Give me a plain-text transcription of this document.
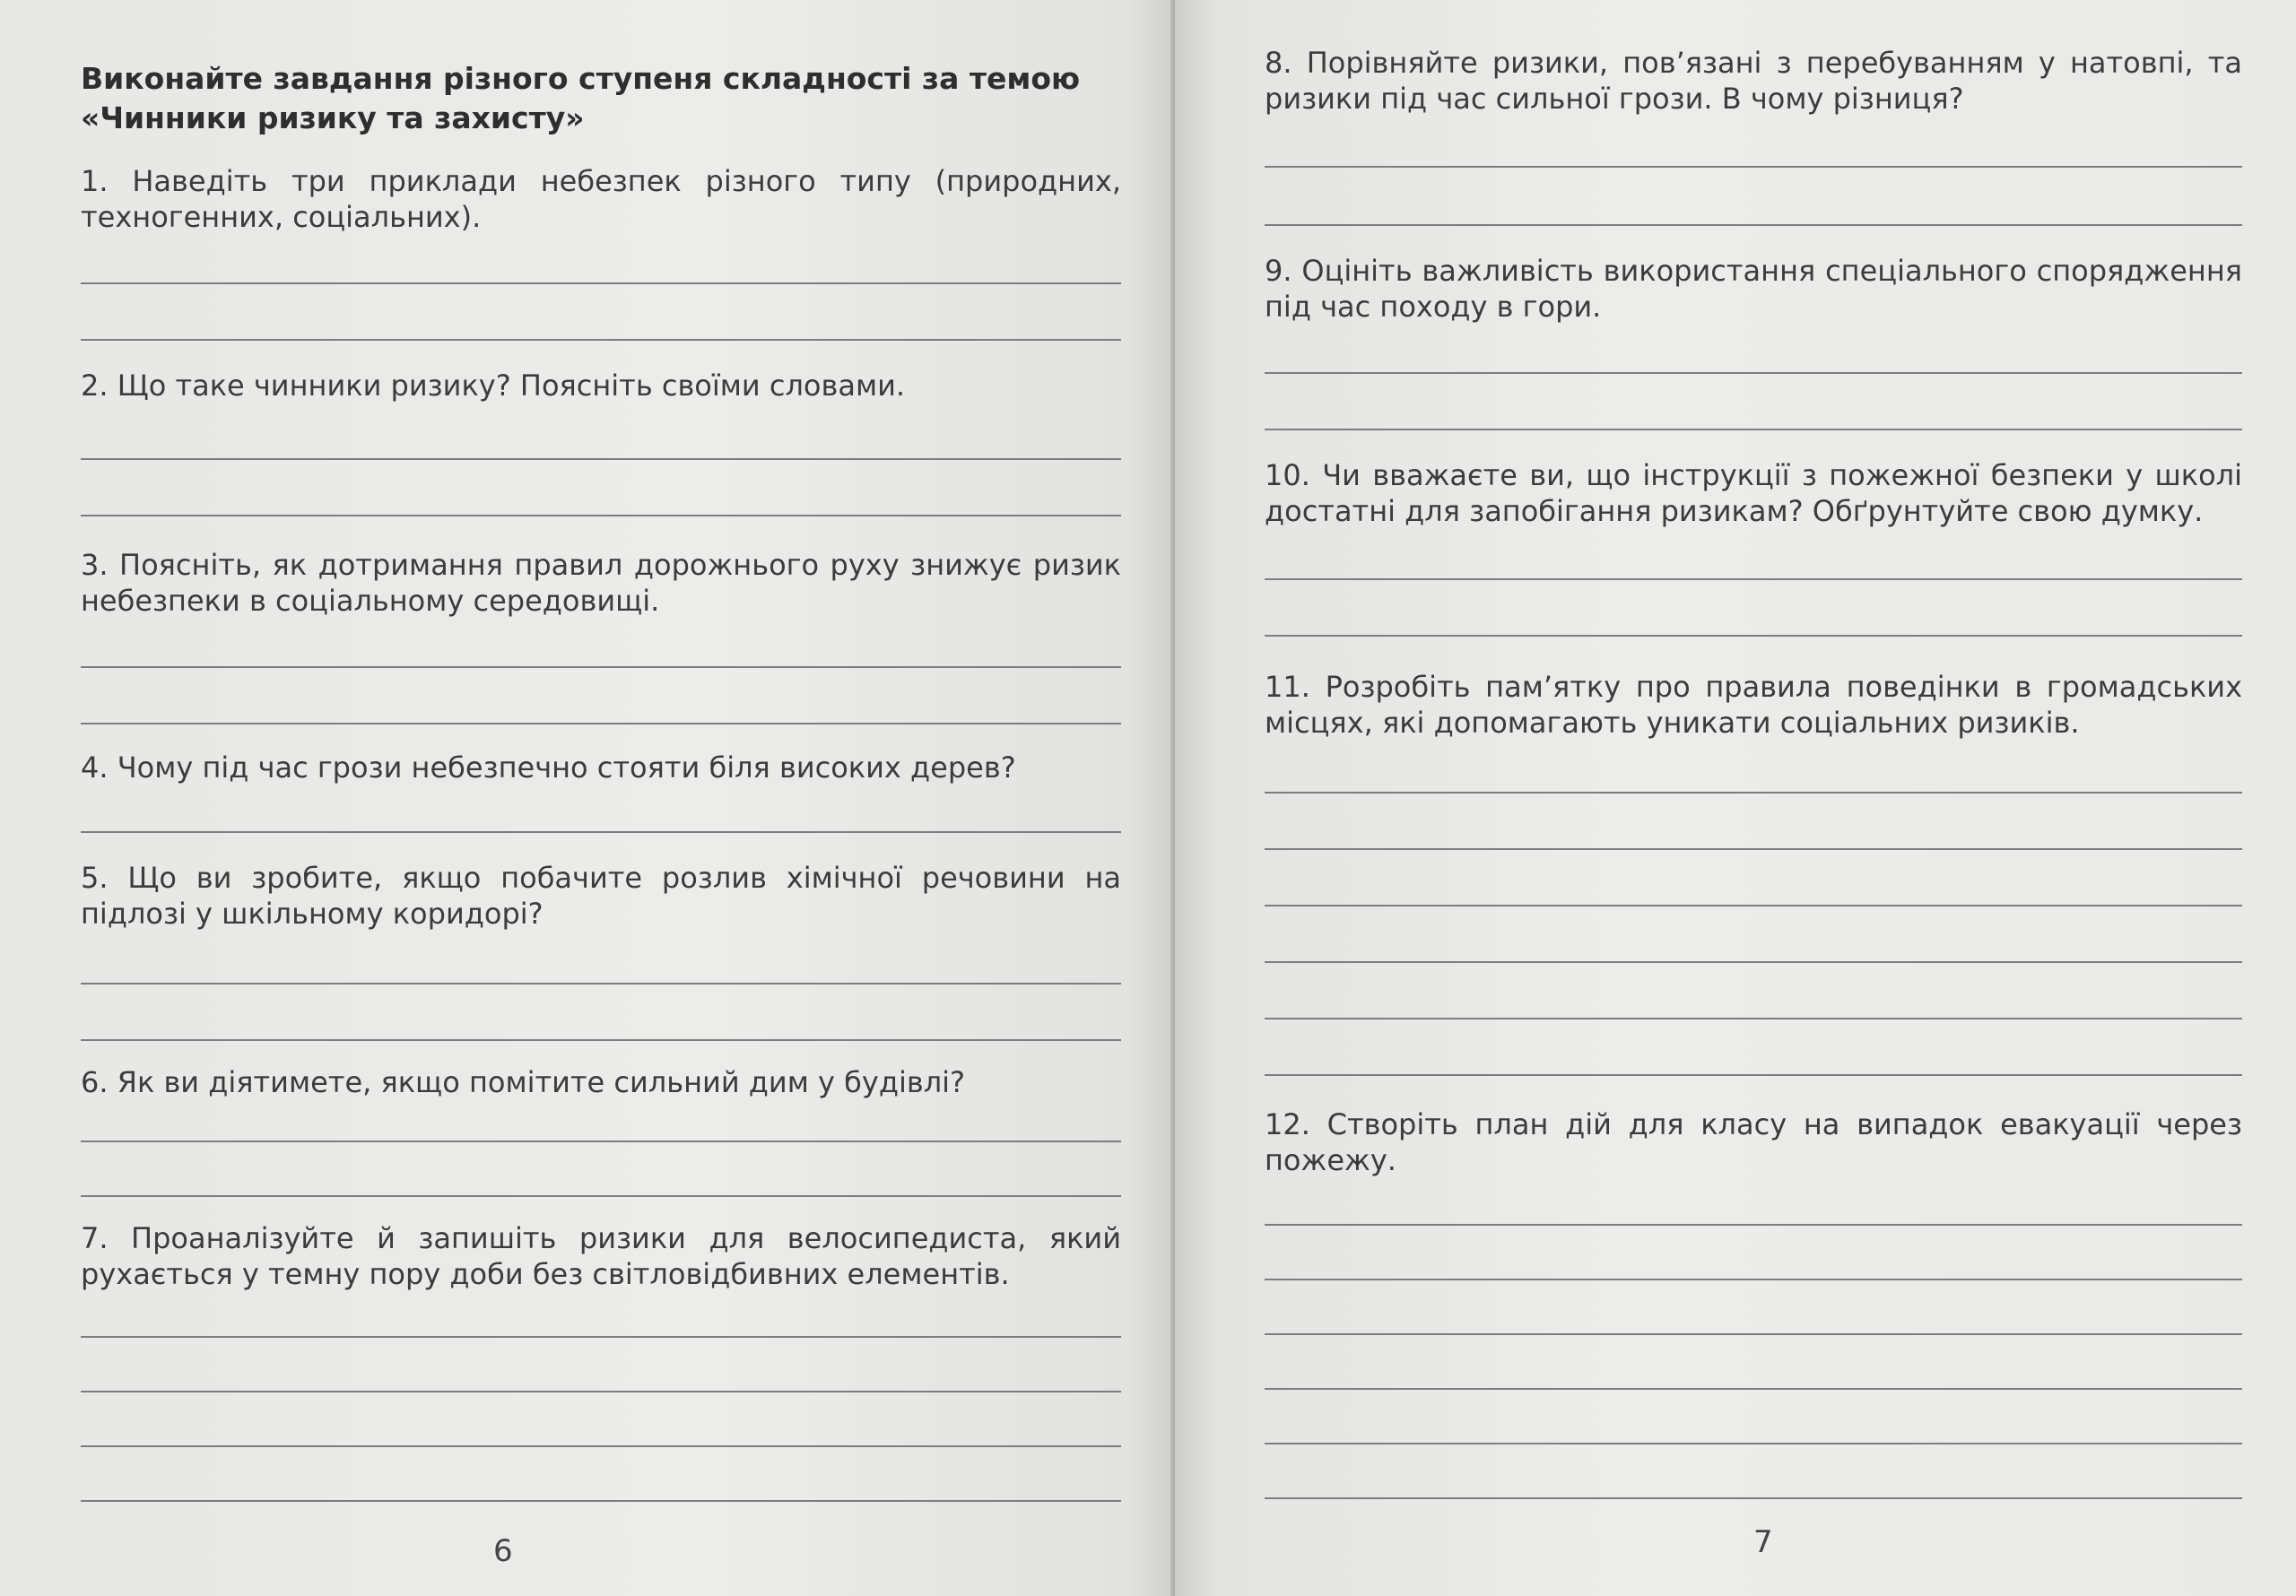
Виконайте завдання різного ступеня складності за темою
«Чинники ризику та захисту»

1. Наведіть три приклади небезпек різного типу (природних, техногенних, соціальних).

2. Що таке чинники ризику? Поясніть своїми словами.

3. Поясніть, як дотримання правил дорожнього руху знижує ризик небезпеки в соціальному середовищі.

4. Чому під час грози небезпечно стояти біля високих дерев?

5. Що ви зробите, якщо побачите розлив хімічної речовини на підлозі у шкільному коридорі?

6. Як ви діятимете, якщо помітите сильний дим у будівлі?

7. Проаналізуйте й запишіть ризики для велосипедиста, який рухається у темну пору доби без світловідбивних елементів.

6

8. Порівняйте ризики, пов’язані з перебуванням у натовпі, та ризики під час сильної грози. В чому різниця?

9. Оцініть важливість використання спеціального спорядження під час походу в гори.

10. Чи вважаєте ви, що інструкції з пожежної безпеки у школі достатні для запобігання ризикам? Обґрунтуйте свою думку.

11. Розробіть пам’ятку про правила поведінки в громадських місцях, які допомагають уникати соціальних ризиків.

12. Створіть план дій для класу на випадок евакуації через пожежу.

7
